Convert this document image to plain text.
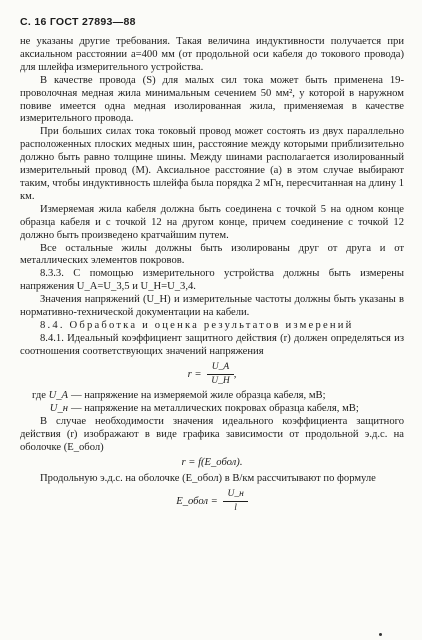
С. 16 ГОСТ 27893—88

не указаны другие требования. Такая величина индуктивности получается при аксиальном расстоянии a=400 мм (от продольной оси кабеля до токового провода) для шлейфа измерительного устройства.

В качестве провода (S) для малых сил тока может быть применена 19-проволочная медная жила минимальным сечением 50 мм², у которой в наружном повиве имеется одна медная изолированная жила, применяемая в качестве измерительного провода.

При больших силах тока токовый провод может состоять из двух параллельно расположенных плоских медных шин, расстояние между которыми приблизительно должно быть равно толщине шины. Между шинами располагается изолированный измерительный провод (M). Аксиальное расстояние (a) в этом случае выбирают таким, чтобы индуктивность шлейфа была порядка 2 мГн, пересчитанная на длину 1 км.

Измеряемая жила кабеля должна быть соединена с точкой 5 на одном конце образца кабеля и с точкой 12 на другом конце, причем соединение с точкой 12 должно быть произведено кратчайшим путем.

Все остальные жилы должны быть изолированы друг от друга и от металлических элементов покровов.

8.3.3. С помощью измерительного устройства должны быть измерены напряжения U_A=U_3,5 и U_Н=U_3,4.

Значения напряжений (U_Н) и измерительные частоты должны быть указаны в нормативно-технической документации на кабели.

8.4. Обработка и оценка результатов измерений

8.4.1. Идеальный коэффициент защитного действия (r) должен определяться из соотношения соответствующих значений напряжения

$r = \frac{U\_A}{U\_Н}$ ,
где U_A — напряжение на измеряемой жиле образца кабеля, мВ;
U_н — напряжение на металлических покровах образца кабеля, мВ;

В случае необходимости значения идеального коэффициента защитного действия (r) изображают в виде графика зависимости от продольной э.д.с. на оболочке (E_обол)

r = f(E_обол).

Продольную э.д.с. на оболочке (E_обол) в В/км рассчитывают по формуле

E_обол = $\frac{U\_н}{l}$
